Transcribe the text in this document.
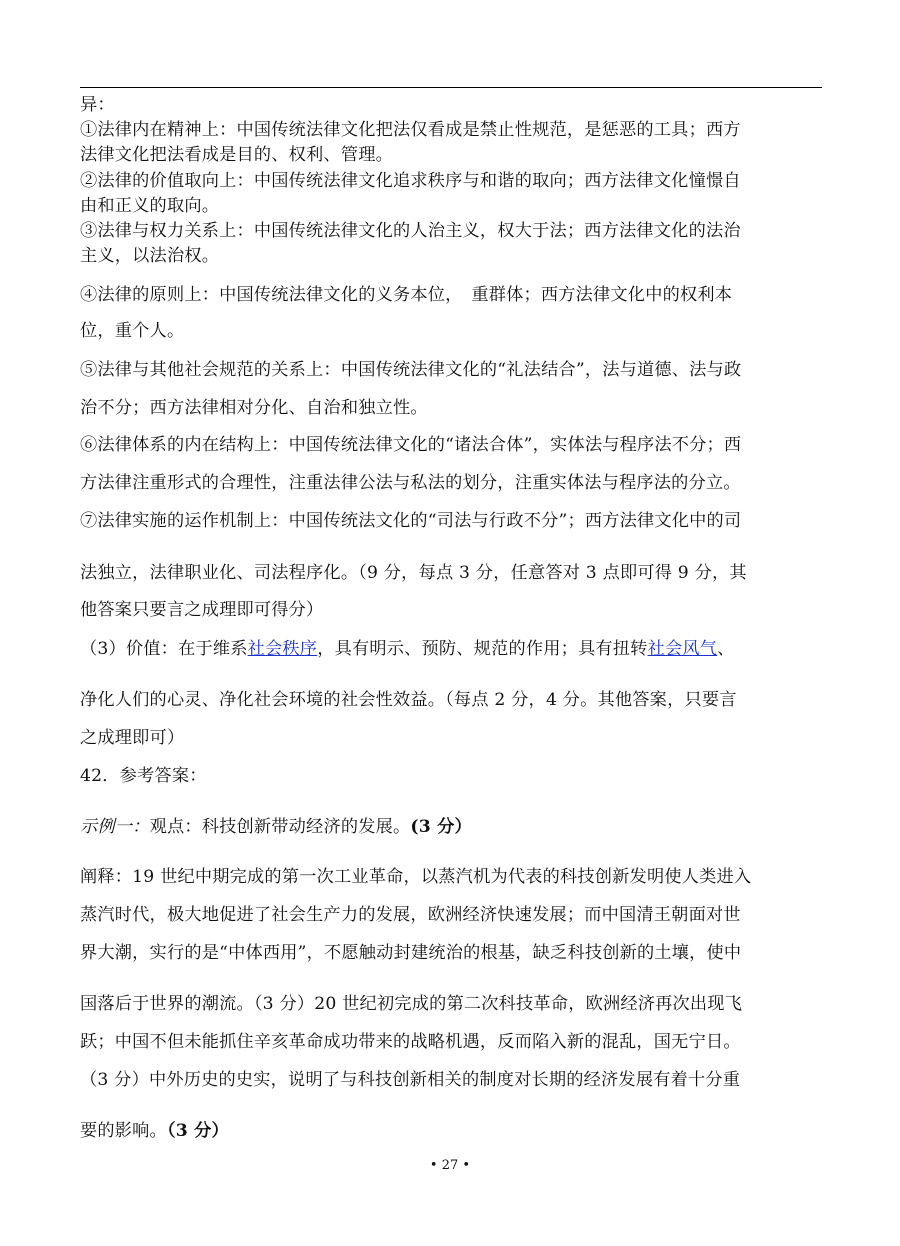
异：
①法律内在精神上：中国传统法律文化把法仅看成是禁止性规范，是惩恶的工具；西方
法律文化把法看成是目的、权利、管理。
②法律的价值取向上：中国传统法律文化追求秩序与和谐的取向；西方法律文化憧憬自
由和正义的取向。
③法律与权力关系上：中国传统法律文化的人治主义，权大于法；西方法律文化的法治
主义，以法治权。
④法律的原则上：中国传统法律文化的义务本位，　重群体；西方法律文化中的权利本
位，重个人。
⑤法律与其他社会规范的关系上：中国传统法律文化的“礼法结合”，法与道德、法与政
治不分；西方法律相对分化、自治和独立性。
⑥法律体系的内在结构上：中国传统法律文化的“诸法合体”，实体法与程序法不分；西
方法律注重形式的合理性，注重法律公法与私法的划分，注重实体法与程序法的分立。
⑦法律实施的运作机制上：中国传统法文化的“司法与行政不分”；西方法律文化中的司
法独立，法律职业化、司法程序化。（9 分，每点 3 分，任意答对 3 点即可得 9 分，其
他答案只要言之成理即可得分）
（3）价值：在于维系社会秩序，具有明示、预防、规范的作用；具有扭转社会风气、
净化人们的心灵、净化社会环境的社会性效益。（每点 2 分，4 分。其他答案，只要言
之成理即可）
42．参考答案：
示例一：观点：科技创新带动经济的发展。(3 分）
阐释：19 世纪中期完成的第一次工业革命，以蒸汽机为代表的科技创新发明使人类进入
蒸汽时代，极大地促进了社会生产力的发展，欧洲经济快速发展；而中国清王朝面对世
界大潮，实行的是“中体西用”，不愿触动封建统治的根基，缺乏科技创新的土壤，使中
国落后于世界的潮流。（3 分）20 世纪初完成的第二次科技革命，欧洲经济再次出现飞
跃；中国不但未能抓住辛亥革命成功带来的战略机遇，反而陷入新的混乱，国无宁日。
（3 分）中外历史的史实，说明了与科技创新相关的制度对长期的经济发展有着十分重
要的影响。（3 分）
• 27 •
